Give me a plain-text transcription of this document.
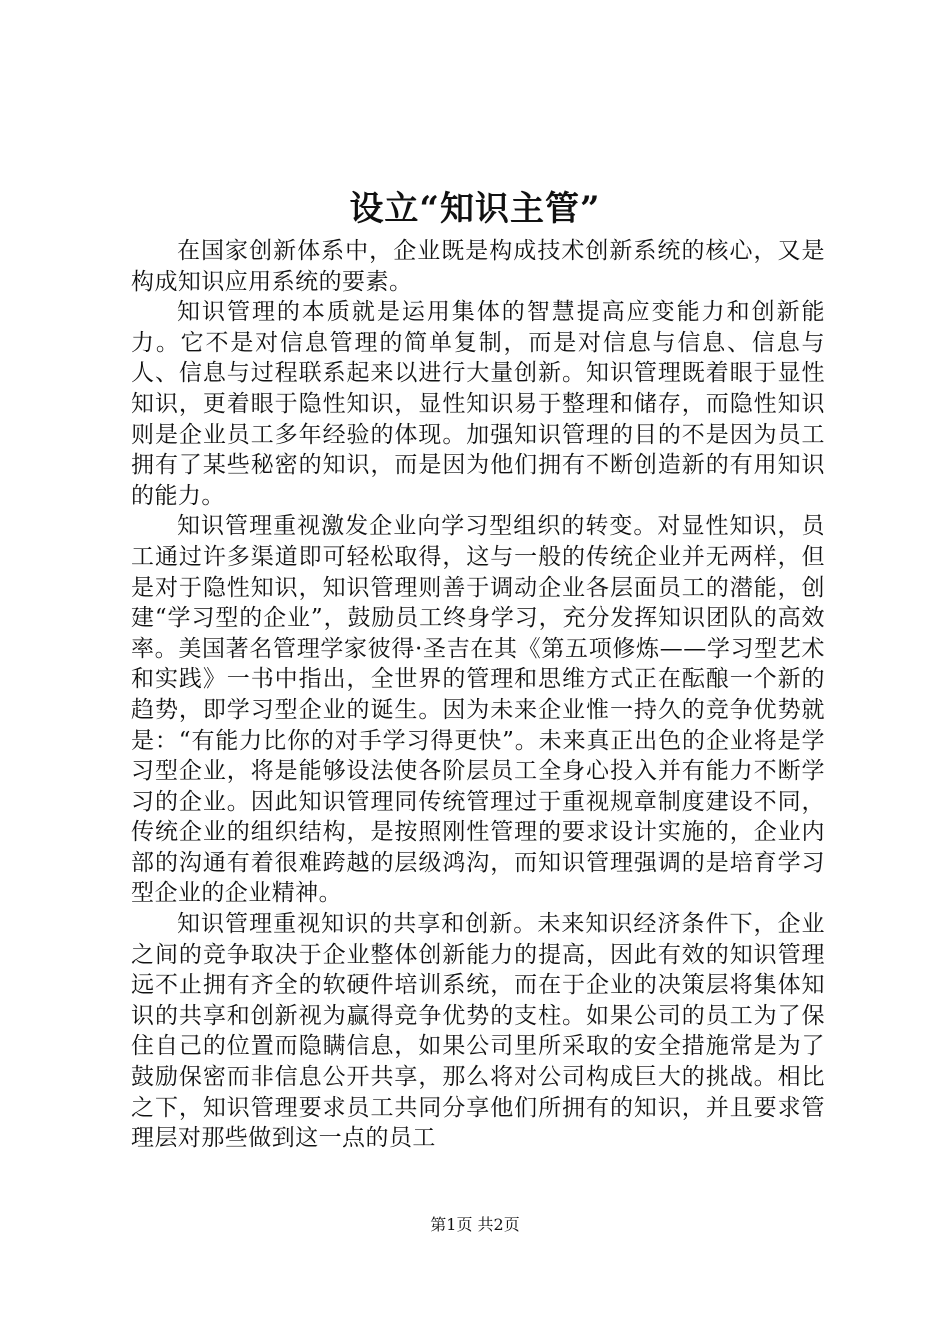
设立“知识主管”

在国家创新体系中，企业既是构成技术创新系统的核心，又是构成知识应用系统的要素。

知识管理的本质就是运用集体的智慧提高应变能力和创新能力。它不是对信息管理的简单复制，而是对信息与信息、信息与人、信息与过程联系起来以进行大量创新。知识管理既着眼于显性知识，更着眼于隐性知识，显性知识易于整理和储存，而隐性知识则是企业员工多年经验的体现。加强知识管理的目的不是因为员工拥有了某些秘密的知识，而是因为他们拥有不断创造新的有用知识的能力。

知识管理重视激发企业向学习型组织的转变。对显性知识，员工通过许多渠道即可轻松取得，这与一般的传统企业并无两样，但是对于隐性知识，知识管理则善于调动企业各层面员工的潜能，创建“学习型的企业”，鼓励员工终身学习，充分发挥知识团队的高效率。美国著名管理学家彼得·圣吉在其《第五项修炼——学习型艺术和实践》一书中指出，全世界的管理和思维方式正在酝酿一个新的趋势，即学习型企业的诞生。因为未来企业惟一持久的竞争优势就是：“有能力比你的对手学习得更快”。未来真正出色的企业将是学习型企业，将是能够设法使各阶层员工全身心投入并有能力不断学习的企业。因此知识管理同传统管理过于重视规章制度建设不同，传统企业的组织结构，是按照刚性管理的要求设计实施的，企业内部的沟通有着很难跨越的层级鸿沟，而知识管理强调的是培育学习型企业的企业精神。

知识管理重视知识的共享和创新。未来知识经济条件下，企业之间的竞争取决于企业整体创新能力的提高，因此有效的知识管理远不止拥有齐全的软硬件培训系统，而在于企业的决策层将集体知识的共享和创新视为赢得竞争优势的支柱。如果公司的员工为了保住自己的位置而隐瞒信息，如果公司里所采取的安全措施常是为了鼓励保密而非信息公开共享，那么将对公司构成巨大的挑战。相比之下，知识管理要求员工共同分享他们所拥有的知识，并且要求管理层对那些做到这一点的员工

第1页 共2页
